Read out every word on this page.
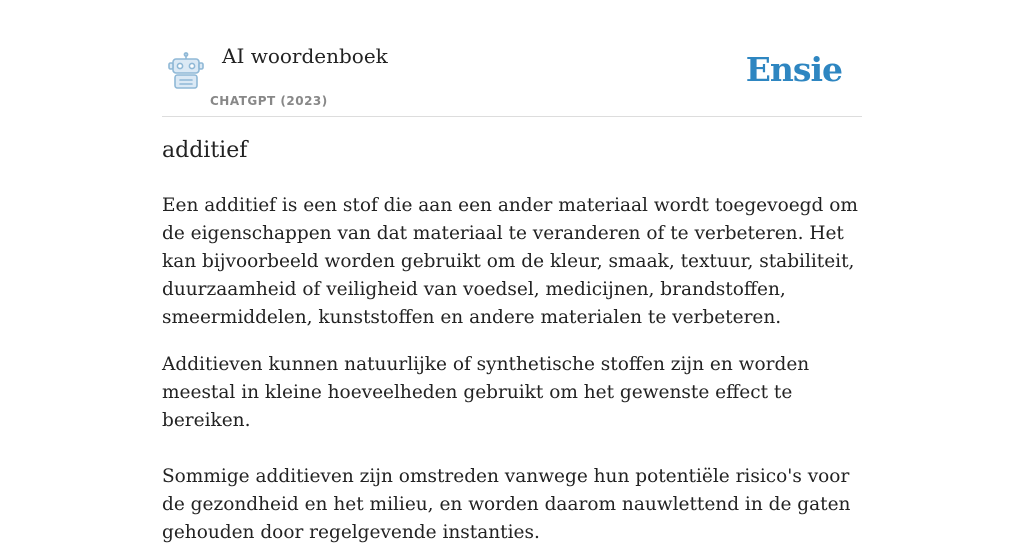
AI woordenboek
CHATGPT (2023)
Ensie
additief

Een additief is een stof die aan een ander materiaal wordt toegevoegd om de eigenschappen van dat materiaal te veranderen of te verbeteren. Het kan bijvoorbeeld worden gebruikt om de kleur, smaak, textuur, stabiliteit, duurzaamheid of veiligheid van voedsel, medicijnen, brandstoffen, smeermiddelen, kunststoffen en andere materialen te verbeteren.

Additieven kunnen natuurlijke of synthetische stoffen zijn en worden meestal in kleine hoeveelheden gebruikt om het gewenste effect te bereiken.

Sommige additieven zijn omstreden vanwege hun potentiële risico's voor de gezondheid en het milieu, en worden daarom nauwlettend in de gaten gehouden door regelgevende instanties.
